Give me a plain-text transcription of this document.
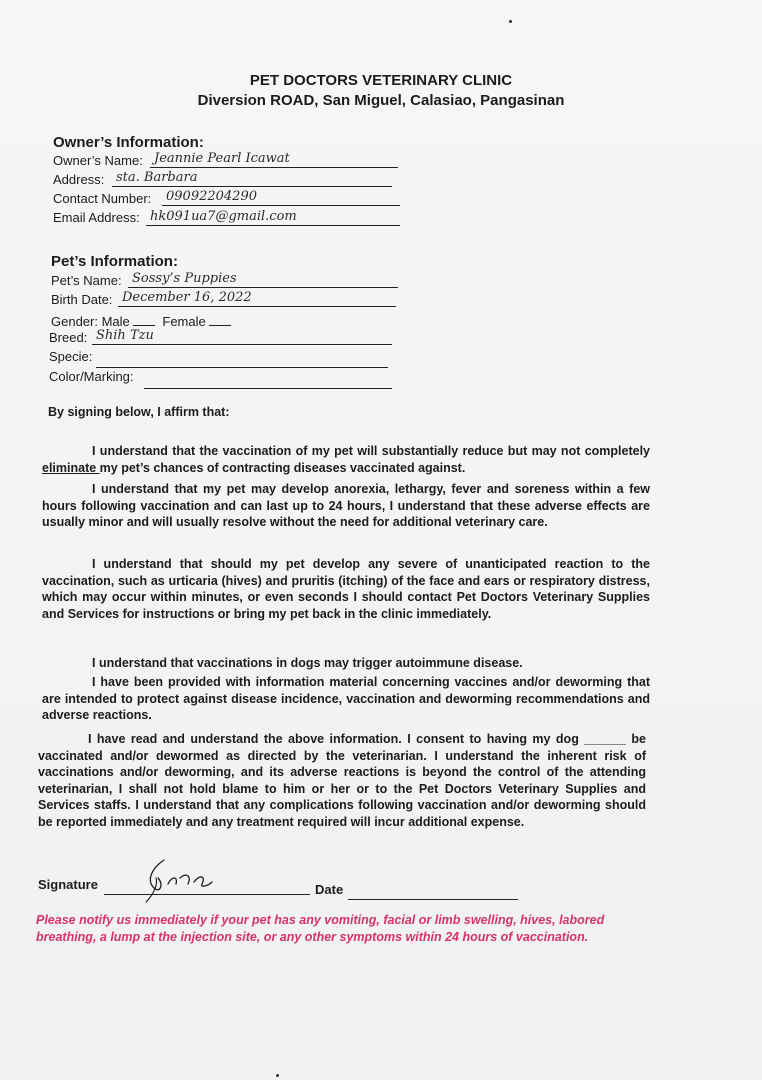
PET DOCTORS VETERINARY CLINIC
Diversion ROAD, San Miguel, Calasiao, Pangasinan
Owner’s Information:
Owner’s Name: Jeannie Pearl Icawat
Address: sta. Barbara
Contact Number:	09092204290
Email Address: hk091ua7@gmail.com
Pet’s Information:
Pet’s Name: Sossy’s Puppies
Birth Date: December 16, 2022
Gender: Male	Female
Breed: Shih Tzu
Specie:
Color/Marking:
By signing below, I affirm that:
I understand that the vaccination of my pet will substantially reduce but may not completely eliminate my pet’s chances of contracting diseases vaccinated against.
I understand that my pet may develop anorexia, lethargy, fever and soreness within a few hours following vaccination and can last up to 24 hours, I understand that these adverse effects are usually minor and will usually resolve without the need for additional veterinary care.
I understand that should my pet develop any severe of unanticipated reaction to the vaccination, such as urticaria (hives) and pruritis (itching) of the face and ears or respiratory distress, which may occur within minutes, or even seconds I should contact Pet Doctors Veterinary Supplies and Services for instructions or bring my pet back in the clinic immediately.
I understand that vaccinations in dogs may trigger autoimmune disease.
I have been provided with information material concerning vaccines and/or deworming that are intended to protect against disease incidence, vaccination and deworming recommendations and adverse reactions.
I have read and understand the above information. I consent to having my dog ______ be vaccinated and/or dewormed as directed by the veterinarian. I understand the inherent risk of vaccinations and/or deworming, and its adverse reactions is beyond the control of the attending veterinarian, I shall not hold blame to him or her or to the Pet Doctors Veterinary Supplies and Services staffs. I understand that any complications following vaccination and/or deworming should be reported immediately and any treatment required will incur additional expense.
Signature	Date
Please notify us immediately if your pet has any vomiting, facial or limb swelling, hives, labored breathing, a lump at the injection site, or any other symptoms within 24 hours of vaccination.
